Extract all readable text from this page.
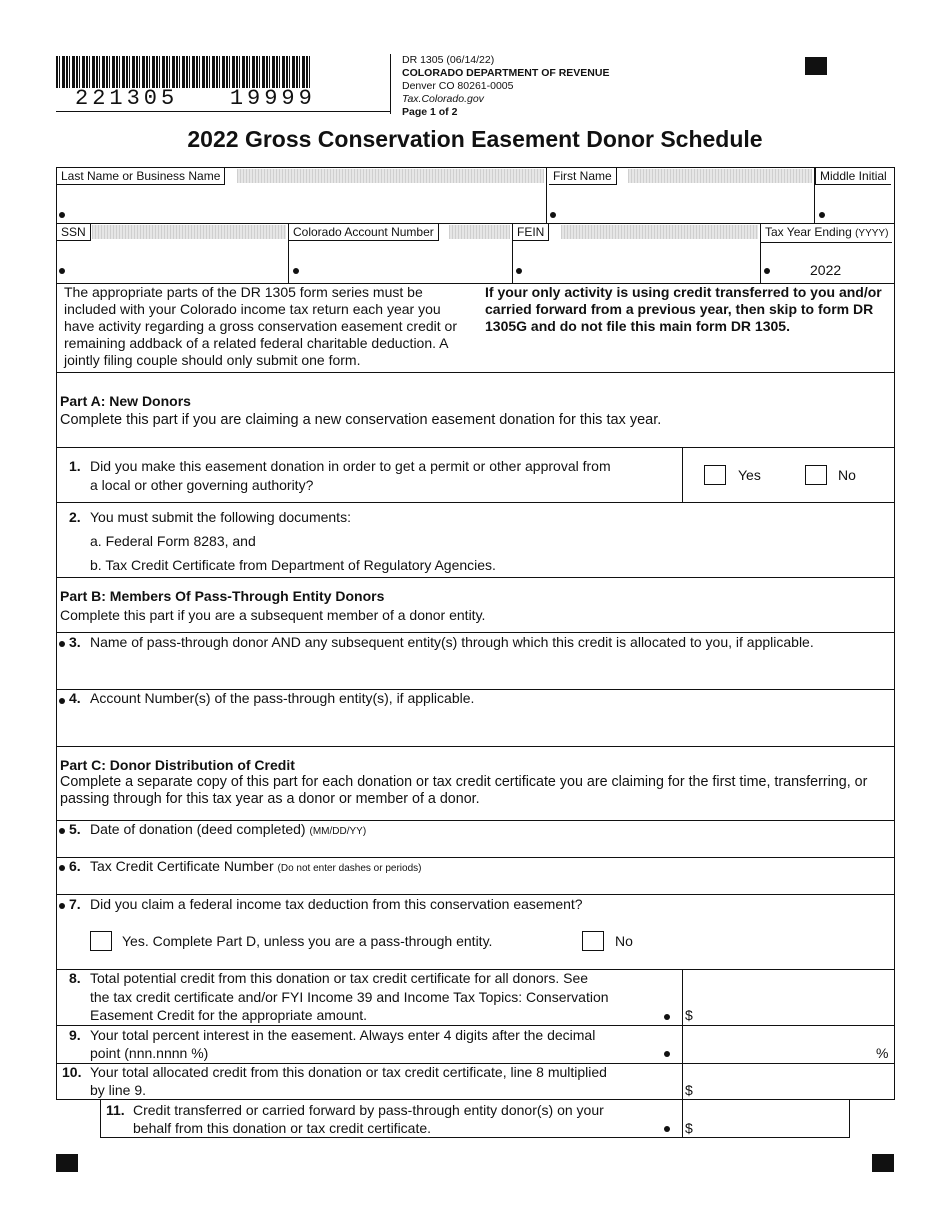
221305   19999
DR 1305 (06/14/22)
COLORADO DEPARTMENT OF REVENUE
Denver CO 80261-0005
Tax.Colorado.gov
Page 1 of 2
2022 Gross Conservation Easement Donor Schedule
Last Name or Business Name	First Name	Middle Initial
SSN	Colorado Account Number	FEIN	Tax Year Ending (YYYY)
2022
The appropriate parts of the DR 1305 form series must be included with your Colorado income tax return each year you have activity regarding a gross conservation easement credit or remaining addback of a related federal charitable deduction. A jointly filing couple should only submit one form.
If your only activity is using credit transferred to you and/or carried forward from a previous year, then skip to form DR 1305G and do not file this main form DR 1305.
Part A: New Donors
Complete this part if you are claiming a new conservation easement donation for this tax year.
1. Did you make this easement donation in order to get a permit or other approval from
a local or other governing authority?
Yes	No
2. You must submit the following documents:
a. Federal Form 8283, and
b. Tax Credit Certificate from Department of Regulatory Agencies.
Part B: Members Of Pass-Through Entity Donors
Complete this part if you are a subsequent member of a donor entity.
3. Name of pass-through donor AND any subsequent entity(s) through which this credit is allocated to you, if applicable.
4. Account Number(s) of the pass-through entity(s), if applicable.
Part C: Donor Distribution of Credit
Complete a separate copy of this part for each donation or tax credit certificate you are claiming for the first time, transferring, or passing through for this tax year as a donor or member of a donor.
5. Date of donation (deed completed) (MM/DD/YY)
6. Tax Credit Certificate Number (Do not enter dashes or periods)
7. Did you claim a federal income tax deduction from this conservation easement?
Yes. Complete Part D, unless you are a pass-through entity.	No
8. Total potential credit from this donation or tax credit certificate for all donors. See
the tax credit certificate and/or FYI Income 39 and Income Tax Topics: Conservation
Easement Credit for the appropriate amount.	$
9. Your total percent interest in the easement. Always enter 4 digits after the decimal
point (nnn.nnnn %)	%
10. Your total allocated credit from this donation or tax credit certificate, line 8 multiplied
by line 9.	$
11. Credit transferred or carried forward by pass-through entity donor(s) on your
behalf from this donation or tax credit certificate.	$
